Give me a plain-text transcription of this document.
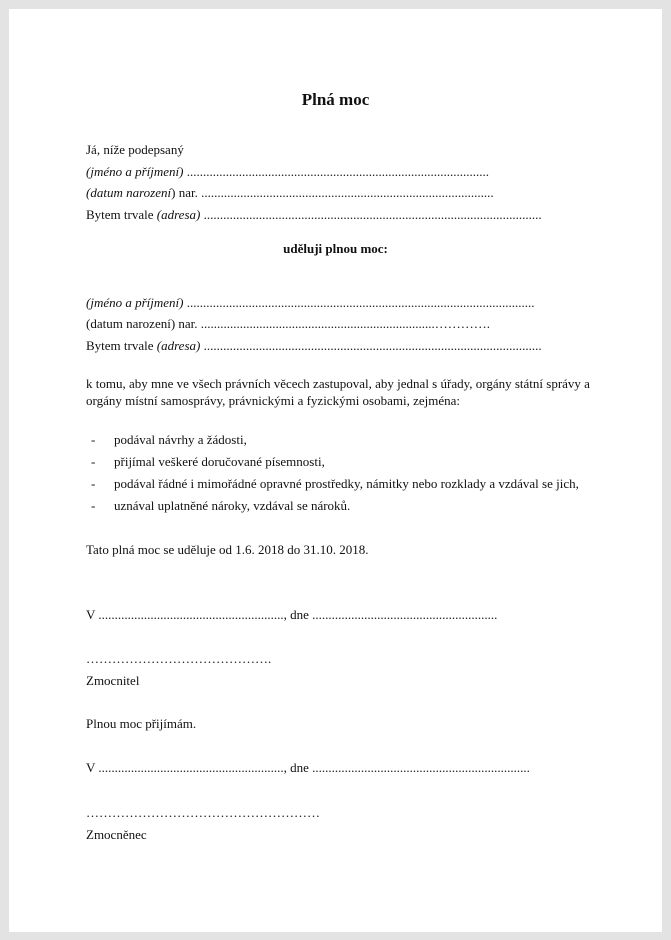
Plná moc
Já, níže podepsaný
(jméno a příjmení) .............................................................................................
(datum narození) nar. ..........................................................................................
Bytem trvale (adresa) ........................................................................................................
uděluji plnou moc:
(jméno a příjmení) ...........................................................................................................
(datum narození) nar. ........................................................................………….
Bytem trvale (adresa) ........................................................................................................
k tomu, aby mne ve všech právních věcech zastupoval, aby jednal s úřady, orgány státní správy a orgány místní samosprávy, právnickými a fyzickými osobami, zejména:
- podával návrhy a žádosti,
- přijímal veškeré doručované písemnosti,
- podával řádné i mimořádné opravné prostředky, námitky nebo rozklady a vzdával se jich,
- uznával uplatněné nároky, vzdával se nároků.
Tato plná moc se uděluje od 1.6. 2018 do 31.10. 2018.
V ........................................................., dne .........................................................
…………………………………….
Zmocnitel
Plnou moc přijímám.
V ........................................................., dne ...................................................................
………………………………………………
Zmocněnec
